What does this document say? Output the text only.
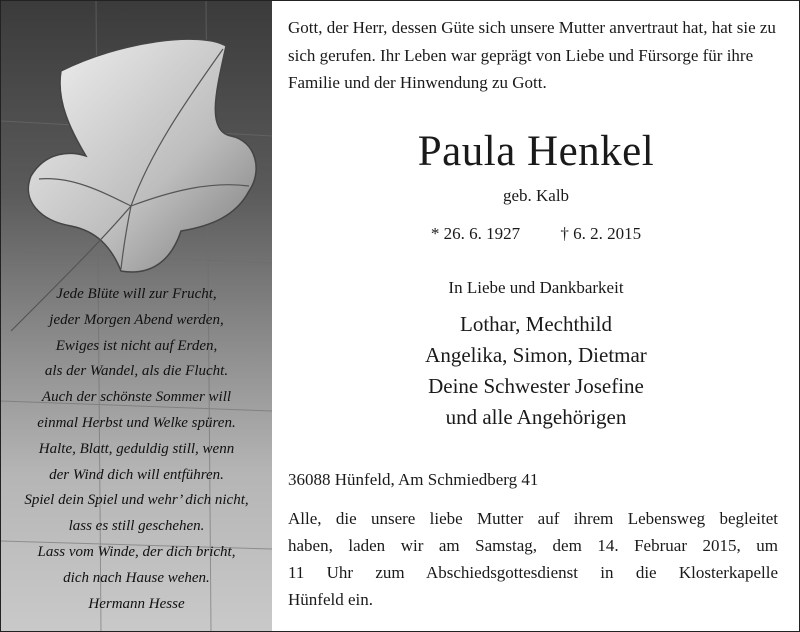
Jede Blüte will zur Frucht,
jeder Morgen Abend werden,
Ewiges ist nicht auf Erden,
als der Wandel, als die Flucht.
Auch der schönste Sommer will
einmal Herbst und Welke spüren.
Halte, Blatt, geduldig still, wenn
der Wind dich will entführen.
Spiel dein Spiel und wehr’ dich nicht,
lass es still geschehen.
Lass vom Winde, der dich bricht,
dich nach Hause wehen.
Hermann Hesse
Gott, der Herr, dessen Güte sich unsere Mutter anvertraut hat, hat sie zu sich gerufen. Ihr Leben war geprägt von Liebe und Fürsorge für ihre Familie und der Hinwendung zu Gott.
Paula Henkel
geb. Kalb
* 26. 6. 1927 † 6. 2. 2015
In Liebe und Dankbarkeit
Lothar, Mechthild
Angelika, Simon, Dietmar
Deine Schwester Josefine
und alle Angehörigen
36088 Hünfeld, Am Schmiedberg 41
Alle, die unsere liebe Mutter auf ihrem Lebensweg begleitet
haben, laden wir am Samstag, dem 14. Februar 2015, um
11 Uhr zum Abschiedsgottesdienst in die Klosterkapelle
Hünfeld ein.
